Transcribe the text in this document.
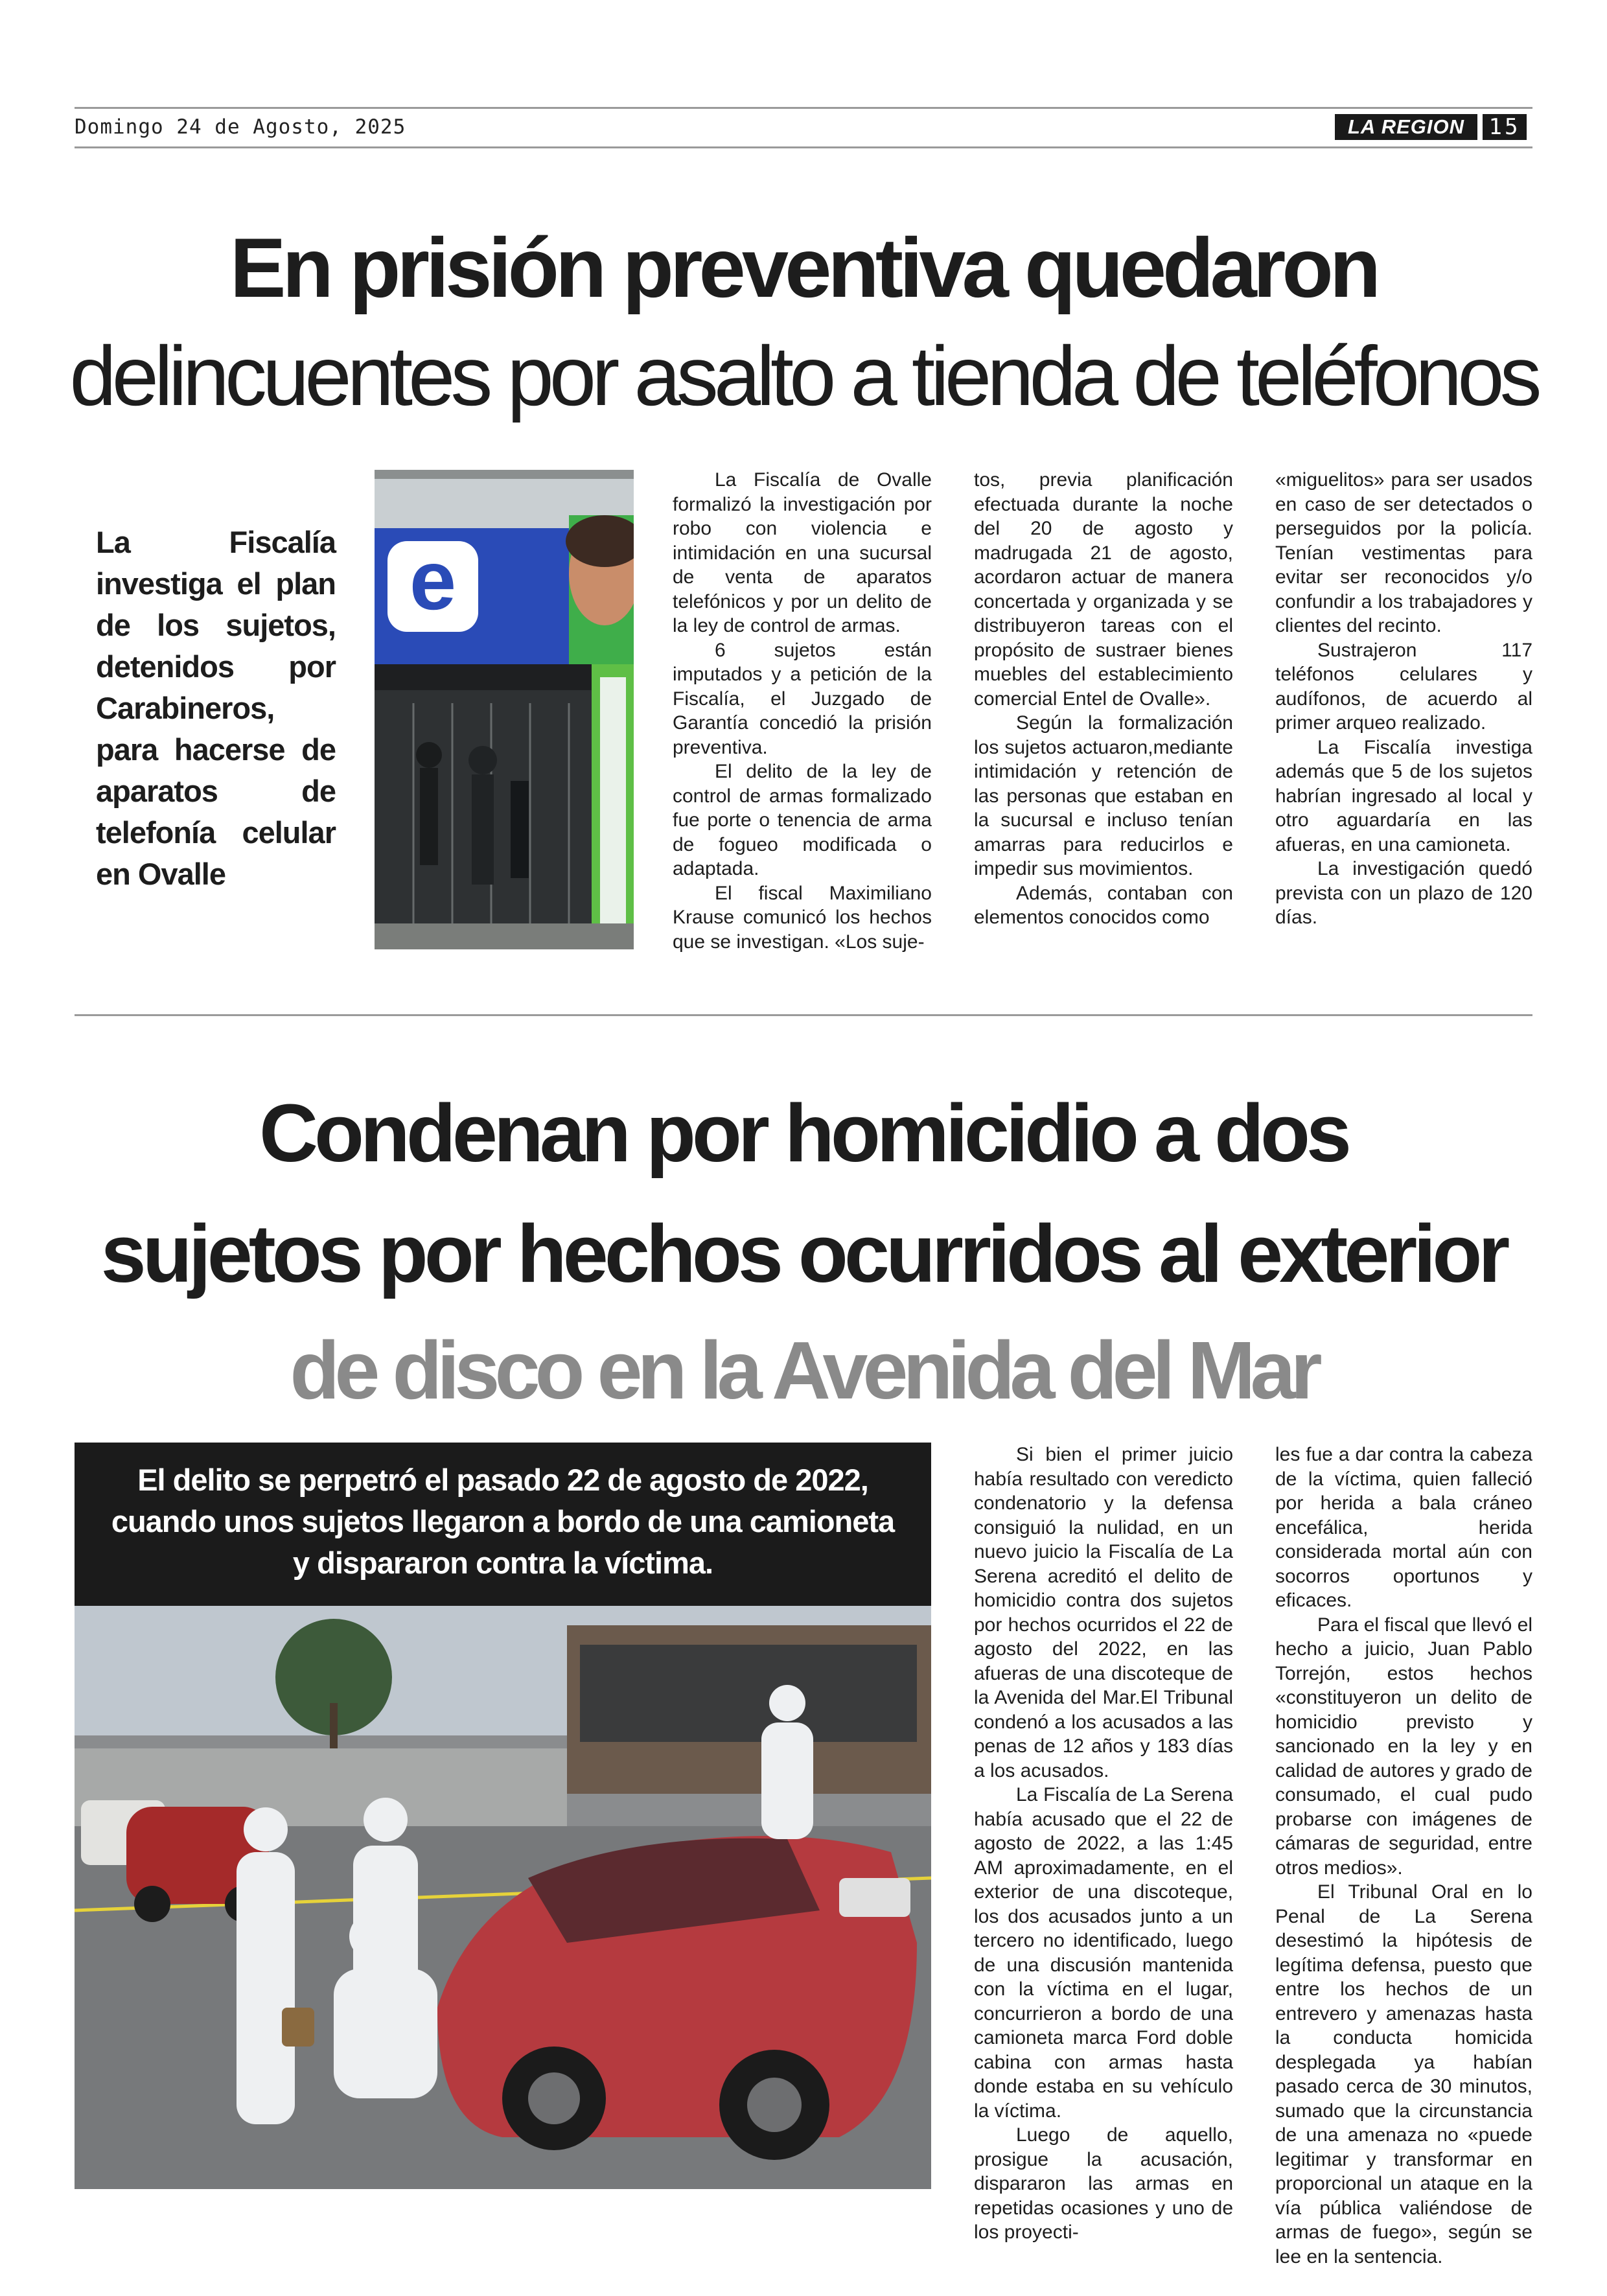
Domingo 24 de Agosto, 2025	LA REGION	15
En prisión preventiva quedaron
delincuentes por asalto a tienda de teléfonos
La Fiscalía investiga el plan de los sujetos, detenidos por Carabineros, para hacerse de aparatos de telefonía celular en Ovalle
e

La Fiscalía de Ovalle formalizó la investigación por robo con violencia e intimidación en una sucursal de venta de aparatos telefónicos y por un delito de la ley de control de armas.

6 sujetos están imputados y a petición de la Fiscalía, el Juzgado de Garantía concedió la prisión preventiva.

El delito de la ley de control de armas formalizado fue porte o tenencia de arma de fogueo modificada o adaptada.

El fiscal Maximiliano Krause comunicó los hechos que se investigan. «Los suje-

tos, previa planificación efectuada durante la noche del 20 de agosto y madrugada 21 de agosto, acordaron actuar de manera concertada y organizada y se distribuyeron tareas con el propósito de sustraer bienes muebles del establecimiento comercial Entel de Ovalle».

Según la formalización los sujetos actuaron,mediante intimidación y retención de las personas que estaban en la sucursal e incluso tenían amarras para reducirlos e impedir sus movimientos.

Además, contaban con elementos conocidos como

«miguelitos» para ser usados en caso de ser detectados o perseguidos por la policía. Tenían vestimentas para evitar ser reconocidos y/o confundir a los trabajadores y clientes del recinto.

Sustrajeron 117 teléfonos celulares y audífonos, de acuerdo al primer arqueo realizado.

La Fiscalía investiga además que 5 de los sujetos habrían ingresado al local y otro aguardaría en las afueras, en una camioneta.

La investigación quedó prevista con un plazo de 120 días.

Condenan por homicidio a dos
sujetos por hechos ocurridos al exterior
de disco en la Avenida del Mar
El delito se perpetró el pasado 22 de agosto de 2022, cuando unos sujetos llegaron a bordo de una camioneta y dispararon contra la víctima.

Si bien el primer juicio había resultado con veredicto condenatorio y la defensa consiguió la nulidad, en un nuevo juicio la Fiscalía de La Serena acreditó el delito de homicidio contra dos sujetos por hechos ocurridos el 22 de agosto del 2022, en las afueras de una discoteque de la Avenida del Mar.El Tribunal condenó a los acusados a las penas de 12 años y 183 días a los acusados.

La Fiscalía de La Serena había acusado que el 22 de agosto de 2022, a las 1:45 AM aproximadamente, en el exterior de una discoteque, los dos acusados junto a un tercero no identificado, luego de una discusión mantenida con la víctima en el lugar, concurrieron a bordo de una camioneta marca Ford doble cabina con armas hasta donde estaba en su vehículo la víctima.

Luego de aquello, prosigue la acusación, dispararon las armas en repetidas ocasiones y uno de los proyecti-

les fue a dar contra la cabeza de la víctima, quien falleció por herida a bala cráneo encefálica, herida considerada mortal aún con socorros oportunos y eficaces.

Para el fiscal que llevó el hecho a juicio, Juan Pablo Torrejón, estos hechos «constituyeron un delito de homicidio previsto y sancionado en la ley y en calidad de autores y grado de consumado, el cual pudo probarse con imágenes de cámaras de seguridad, entre otros medios».

El Tribunal Oral en lo Penal de La Serena desestimó la hipótesis de legítima defensa, puesto que entre los hechos de un entrevero y amenazas hasta la conducta homicida desplegada ya habían pasado cerca de 30 minutos, sumado que la circunstancia de una amenaza no «puede legitimar y transformar en proporcional un ataque en la vía pública valiéndose de armas de fuego», según se lee en la sentencia.
